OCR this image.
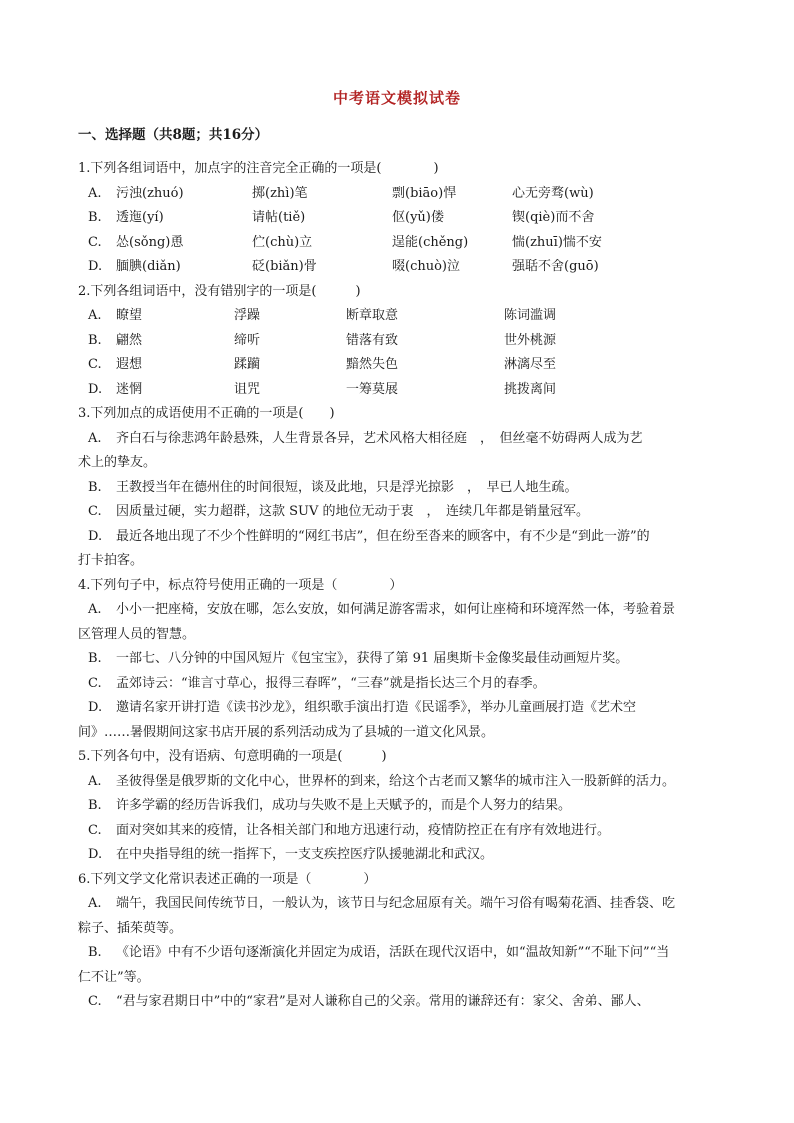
中考语文模拟试卷
一、选择题（共8题；共16分）
1.下列各组词语中，加点字的注音完全正确的一项是(　　　　)
A.	污浊(zhuó)	掷(zhì)笔	剽(biāo)悍	心无旁骛(wù)
B.	透迤(yí)	请帖(tiě)	伛(yǔ)偻	锲(qiè)而不舍
C.	怂(sǒng)恿	伫(chù)立	逞能(chěng)	惴(zhuī)惴不安
D.	腼腆(diǎn)	砭(biǎn)骨	啜(chuò)泣	强聒不舍(guō)
2.下列各组词语中，没有错别字的一项是(　　　)
A.	瞭望	浮躁	断章取意	陈词滥调
B.	翩然	缔听	错落有致	世外桃源
C.	遐想	蹂躏	黯然失色	淋漓尽至
D.	迷惘	诅咒	一筹莫展	挑拨离间
3.下列加点的成语使用不正确的一项是(　　)
A. 齐白石与徐悲鸿年龄悬殊，人生背景各异，艺术风格大相径庭　，　但丝毫不妨碍两人成为艺
术上的挚友。
B. 王教授当年在德州住的时间很短，谈及此地，只是浮光掠影　，　早已人地生疏。
C. 因质量过硬，实力超群，这款 SUV 的地位无动于衷　，　连续几年都是销量冠军。
D. 最近各地出现了不少个性鲜明的“网红书店”，但在纷至沓来的顾客中，有不少是“到此一游”的
打卡拍客。
4.下列句子中，标点符号使用正确的一项是（　　　　）
A. 小小一把座椅，安放在哪，怎么安放，如何满足游客需求，如何让座椅和环境浑然一体，考验着景
区管理人员的智慧。
B. 一部七、八分钟的中国风短片《包宝宝》，获得了第 91 届奥斯卡金像奖最佳动画短片奖。
C. 孟郊诗云：“谁言寸草心，报得三春晖”，“三春”就是指长达三个月的春季。
D. 邀请名家开讲打造《读书沙龙》，组织歌手演出打造《民谣季》，举办儿童画展打造《艺术空
间》……暑假期间这家书店开展的系列活动成为了县城的一道文化风景。
5.下列各句中，没有语病、句意明确的一项是(　　　)
A. 圣彼得堡是俄罗斯的文化中心，世界杯的到来，给这个古老而又繁华的城市注入一股新鲜的活力。
B. 许多学霸的经历告诉我们，成功与失败不是上天赋予的，而是个人努力的结果。
C. 面对突如其来的疫情，让各相关部门和地方迅速行动，疫情防控正在有序有效地进行。
D. 在中央指导组的统一指挥下，一支支疾控医疗队援驰湖北和武汉。
6.下列文学文化常识表述正确的一项是（　　　　）
A. 端午，我国民间传统节日，一般认为，该节日与纪念屈原有关。端午习俗有喝菊花酒、挂香袋、吃
粽子、插茱萸等。
B. 《论语》中有不少语句逐渐演化并固定为成语，活跃在现代汉语中，如“温故知新”“不耻下问”“当
仁不让”等。
C. “君与家君期日中”中的“家君”是对人谦称自己的父亲。常用的谦辞还有：家父、舍弟、鄙人、
